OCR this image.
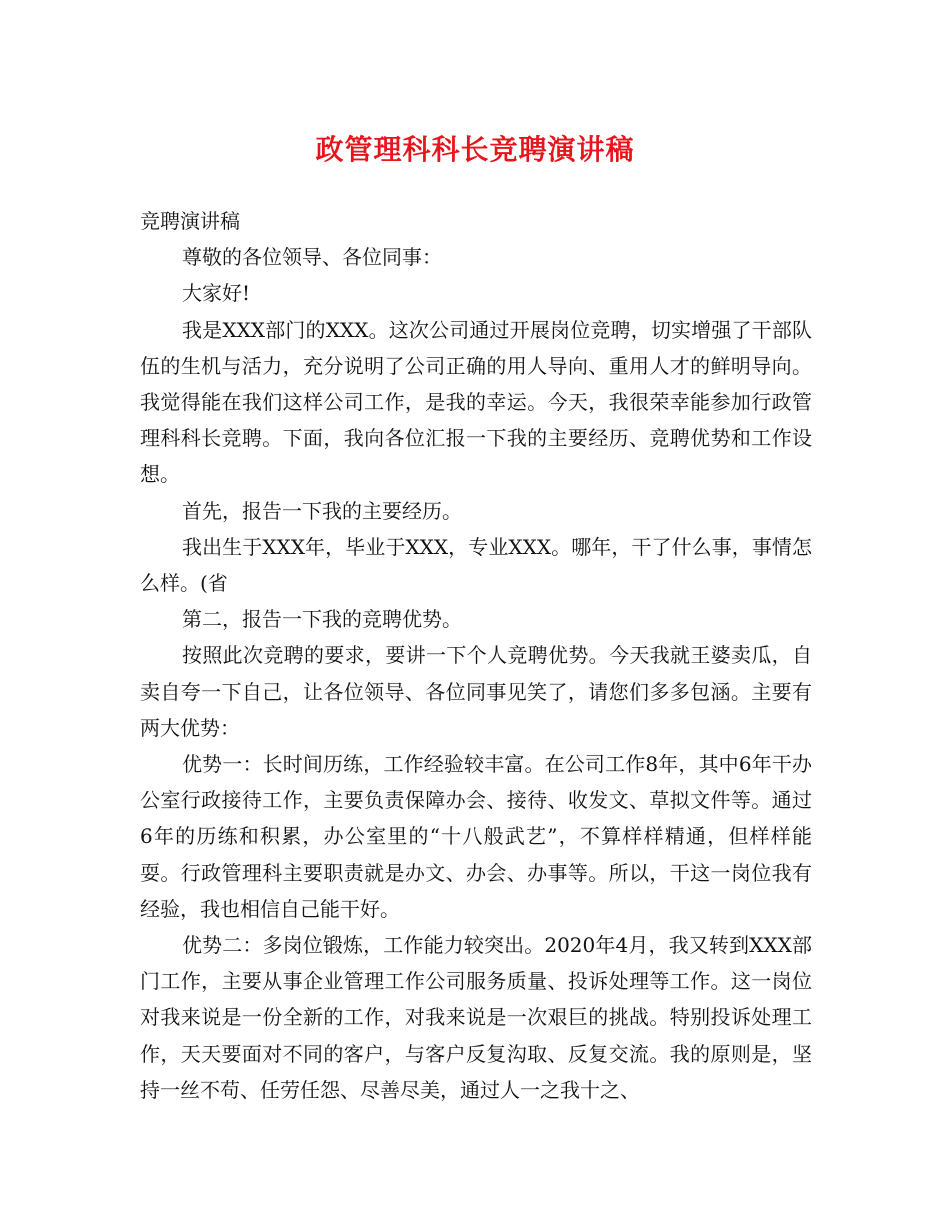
政管理科科长竞聘演讲稿

竞聘演讲稿

尊敬的各位领导、各位同事：

大家好!

我是XXX部门的XXX。这次公司通过开展岗位竞聘，切实增强了干部队伍的生机与活力，充分说明了公司正确的用人导向、重用人才的鲜明导向。我觉得能在我们这样公司工作，是我的幸运。今天，我很荣幸能参加行政管理科科长竞聘。下面，我向各位汇报一下我的主要经历、竞聘优势和工作设想。

首先，报告一下我的主要经历。

我出生于XXX年，毕业于XXX，专业XXX。哪年，干了什么事，事情怎么样。(省

第二，报告一下我的竞聘优势。

按照此次竞聘的要求，要讲一下个人竞聘优势。今天我就王婆卖瓜，自卖自夸一下自己，让各位领导、各位同事见笑了，请您们多多包涵。主要有两大优势：

优势一：长时间历练，工作经验较丰富。在公司工作8年，其中6年干办公室行政接待工作，主要负责保障办会、接待、收发文、草拟文件等。通过6年的历练和积累，办公室里的“十八般武艺”，不算样样精通，但样样能耍。行政管理科主要职责就是办文、办会、办事等。所以，干这一岗位我有经验，我也相信自己能干好。

优势二：多岗位锻炼，工作能力较突出。2020年4月，我又转到XXX部门工作，主要从事企业管理工作公司服务质量、投诉处理等工作。这一岗位对我来说是一份全新的工作，对我来说是一次艰巨的挑战。特别投诉处理工作，天天要面对不同的客户，与客户反复沟取、反复交流。我的原则是，坚持一丝不苟、任劳任怨、尽善尽美，通过人一之我十之、
